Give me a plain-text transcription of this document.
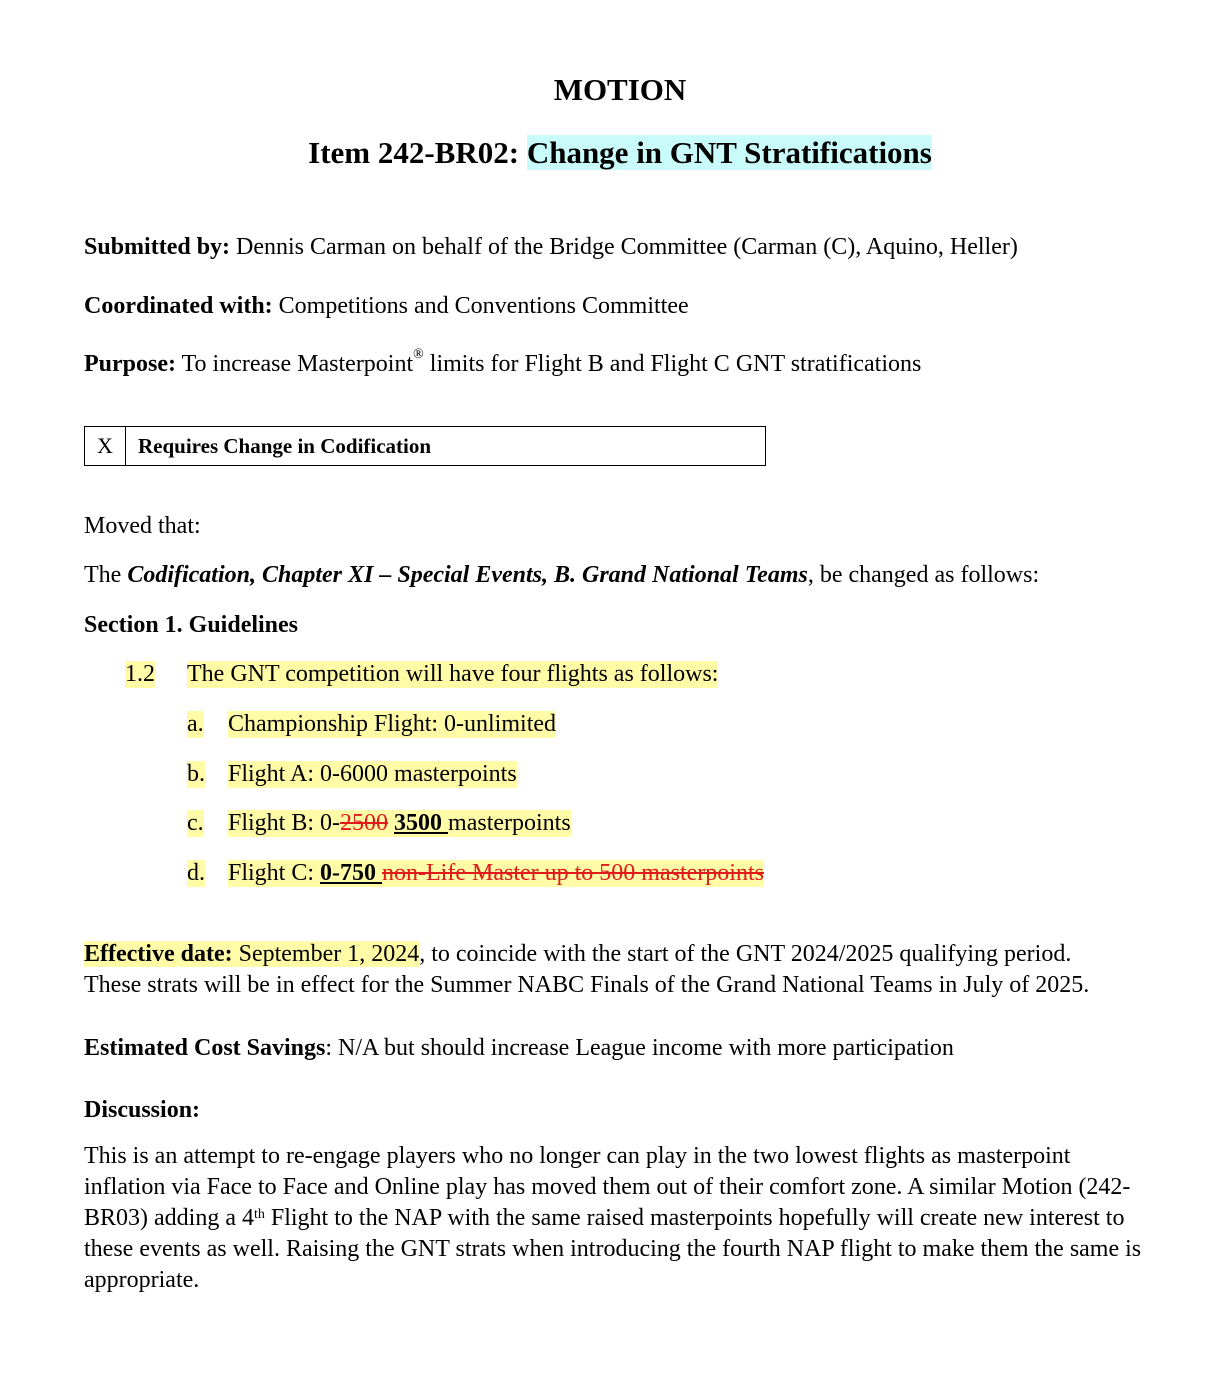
MOTION
Item 242-BR02: Change in GNT Stratifications
Submitted by: Dennis Carman on behalf of the Bridge Committee (Carman (C), Aquino, Heller)
Coordinated with: Competitions and Conventions Committee
Purpose: To increase Masterpoint® limits for Flight B and Flight C GNT stratifications
X	Requires Change in Codification
Moved that:
The Codification, Chapter XI – Special Events, B. Grand National Teams, be changed as follows:
Section 1. Guidelines
1.2 The GNT competition will have four flights as follows:
a. Championship Flight: 0-unlimited
b. Flight A: 0-6000 masterpoints
c. Flight B: 0-2500 3500 masterpoints
d. Flight C: 0-750 non-Life Master up to 500 masterpoints
Effective date: September 1, 2024, to coincide with the start of the GNT 2024/2025 qualifying period.
These strats will be in effect for the Summer NABC Finals of the Grand National Teams in July of 2025.
Estimated Cost Savings: N/A but should increase League income with more participation
Discussion:
This is an attempt to re-engage players who no longer can play in the two lowest flights as masterpoint inflation via Face to Face and Online play has moved them out of their comfort zone. A similar Motion (242-BR03) adding a 4th Flight to the NAP with the same raised masterpoints hopefully will create new interest to these events as well. Raising the GNT strats when introducing the fourth NAP flight to make them the same is appropriate.
